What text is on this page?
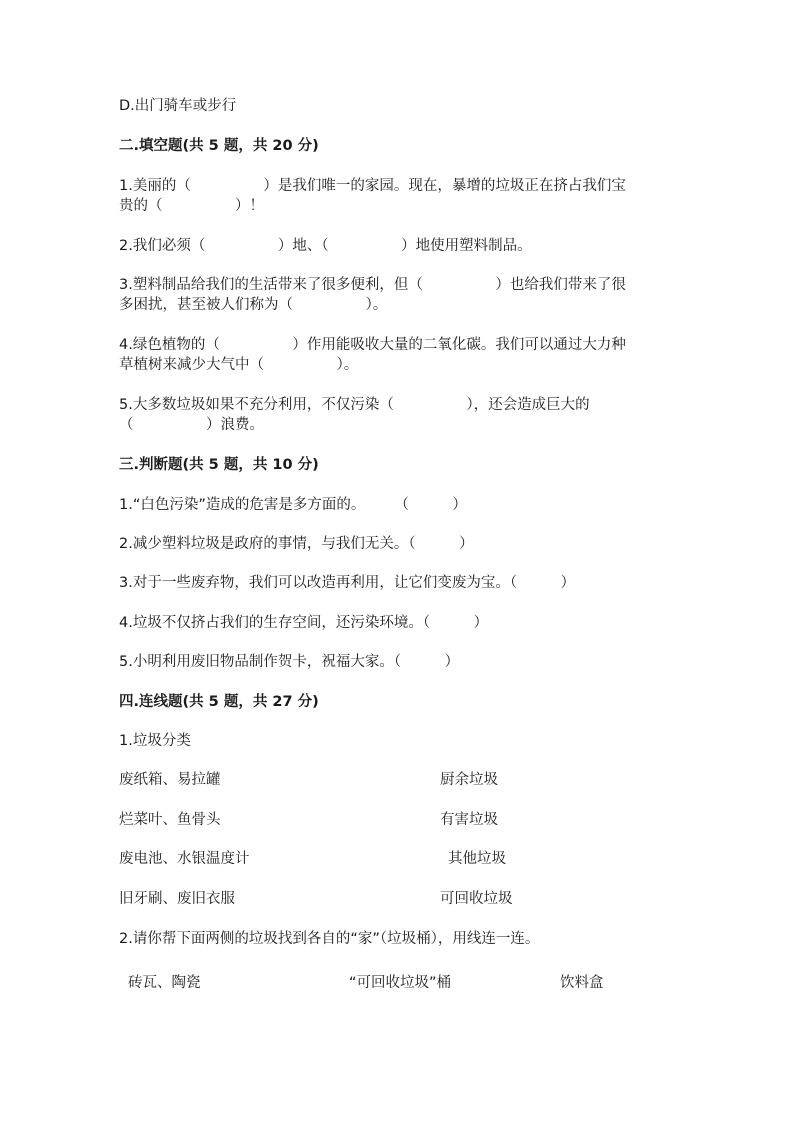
D.出门骑车或步行
二.填空题(共 5 题，共 20 分)
1.美丽的（　　　　　）是我们唯一的家园。现在，暴增的垃圾正在挤占我们宝
贵的（　　　　　）！
2.我们必须（　　　　　）地、（　　　　　）地使用塑料制品。
3.塑料制品给我们的生活带来了很多便利，但（　　　　　）也给我们带来了很
多困扰，甚至被人们称为（　　　　　）。
4.绿色植物的（　　　　　）作用能吸收大量的二氧化碳。我们可以通过大力种
草植树来减少大气中（　　　　　）。
5.大多数垃圾如果不充分利用，不仅污染（　　　　　），还会造成巨大的
（　　　　　）浪费。
三.判断题(共 5 题，共 10 分)
1.“白色污染”造成的危害是多方面的。　　　（　　　）
2.减少塑料垃圾是政府的事情，与我们无关。（　　　）
3.对于一些废弃物，我们可以改造再利用，让它们变废为宝。（　　　）
4.垃圾不仅挤占我们的生存空间，还污染环境。（　　　）
5.小明利用废旧物品制作贺卡，祝福大家。（　　　）
四.连线题(共 5 题，共 27 分)
1.垃圾分类
废纸箱、易拉罐	厨余垃圾
烂菜叶、鱼骨头	有害垃圾
废电池、水银温度计	其他垃圾
旧牙刷、废旧衣服	可回收垃圾
2.请你帮下面两侧的垃圾找到各自的“家”（垃圾桶），用线连一连。
砖瓦、陶瓷	“可回收垃圾”桶	饮料盒
